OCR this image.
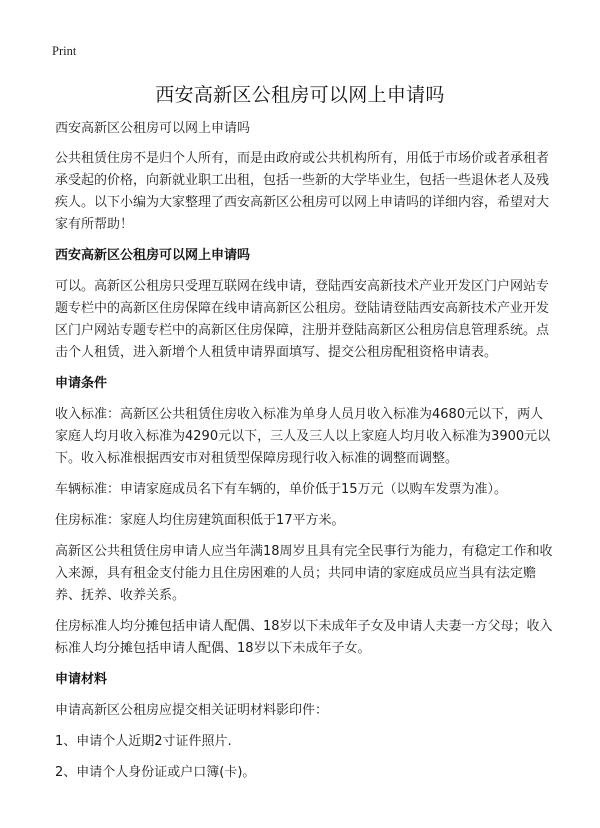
Print
西安高新区公租房可以网上申请吗

西安高新区公租房可以网上申请吗

公共租赁住房不是归个人所有，而是由政府或公共机构所有，用低于市场价或者承租者承受起的价格，向新就业职工出租，包括一些新的大学毕业生，包括一些退休老人及残疾人。以下小编为大家整理了西安高新区公租房可以网上申请吗的详细内容，希望对大家有所帮助！

西安高新区公租房可以网上申请吗

可以。高新区公租房只受理互联网在线申请，登陆西安高新技术产业开发区门户网站专题专栏中的高新区住房保障在线申请高新区公租房。登陆请登陆西安高新技术产业开发区门户网站专题专栏中的高新区住房保障，注册并登陆高新区公租房信息管理系统。点击个人租赁，进入新增个人租赁申请界面填写、提交公租房配租资格申请表。

申请条件

收入标准：高新区公共租赁住房收入标准为单身人员月收入标准为4680元以下，两人家庭人均月收入标准为4290元以下，三人及三人以上家庭人均月收入标准为3900元以下。收入标准根据西安市对租赁型保障房现行收入标准的调整而调整。

车辆标准：申请家庭成员名下有车辆的，单价低于15万元（以购车发票为准）。

住房标准：家庭人均住房建筑面积低于17平方米。

高新区公共租赁住房申请人应当年满18周岁且具有完全民事行为能力，有稳定工作和收入来源，具有租金支付能力且住房困难的人员；共同申请的家庭成员应当具有法定赡养、抚养、收养关系。

住房标准人均分摊包括申请人配偶、18岁以下未成年子女及申请人夫妻一方父母；收入标准人均分摊包括申请人配偶、18岁以下未成年子女。

申请材料

申请高新区公租房应提交相关证明材料影印件：

1、申请个人近期2寸证件照片.

2、申请个人身份证或户口簿(卡)。
